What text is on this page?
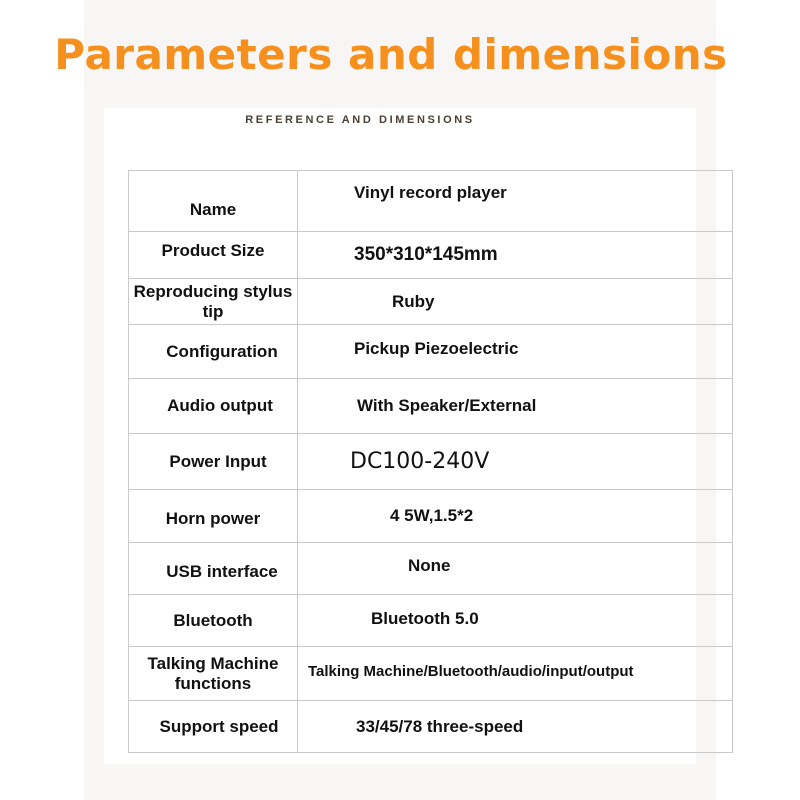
Parameters and dimensions
REFERENCE AND DIMENSIONS
Name	Vinyl record player
Product Size	350*310*145mm
Reproducing stylus tip	Ruby
Configuration	Pickup Piezoelectric
Audio output	With Speaker/External
Power Input	DC100-240V
Horn power	4 5W,1.5*2
USB interface	None
Bluetooth	Bluetooth 5.0
Talking Machine functions	Talking Machine/Bluetooth/audio/input/output
Support speed	33/45/78 three-speed
